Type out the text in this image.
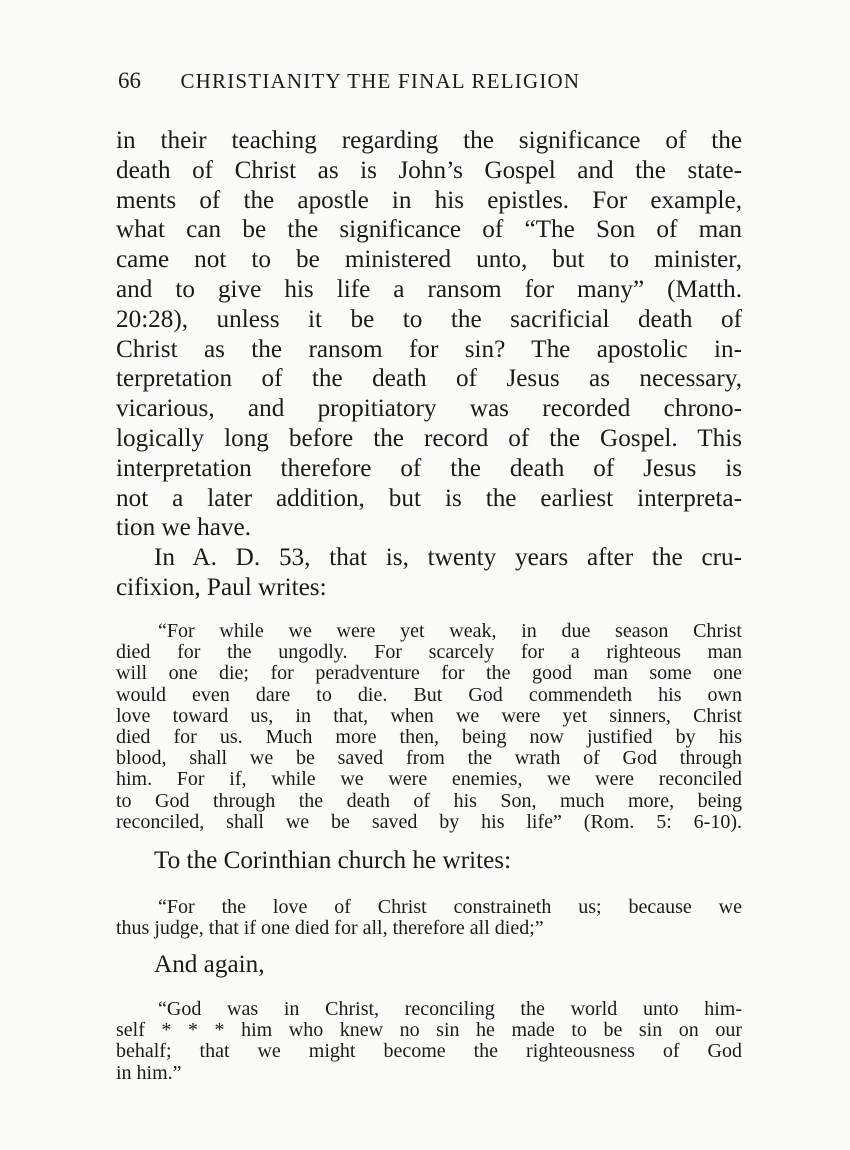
66 CHRISTIANITY THE FINAL RELIGION
in their teaching regarding the significance of the
death of Christ as is John’s Gospel and the state-
ments of the apostle in his epistles. For example,
what can be the significance of “The Son of man
came not to be ministered unto, but to minister,
and to give his life a ransom for many” (Matth.
20:28), unless it be to the sacrificial death of
Christ as the ransom for sin? The apostolic in-
terpretation of the death of Jesus as necessary,
vicarious, and propitiatory was recorded chrono-
logically long before the record of the Gospel. This
interpretation therefore of the death of Jesus is
not a later addition, but is the earliest interpreta-
tion we have.
In A. D. 53, that is, twenty years after the cru-
cifixion, Paul writes:
“For while we were yet weak, in due season Christ
died for the ungodly. For scarcely for a righteous man
will one die; for peradventure for the good man some one
would even dare to die. But God commendeth his own
love toward us, in that, when we were yet sinners, Christ
died for us. Much more then, being now justified by his
blood, shall we be saved from the wrath of God through
him. For if, while we were enemies, we were reconciled
to God through the death of his Son, much more, being
reconciled, shall we be saved by his life” (Rom. 5: 6-10).
To the Corinthian church he writes:
“For the love of Christ constraineth us; because we
thus judge, that if one died for all, therefore all died;”
And again,
“God was in Christ, reconciling the world unto him-
self * * * him who knew no sin he made to be sin on our
behalf; that we might become the righteousness of God
in him.”
